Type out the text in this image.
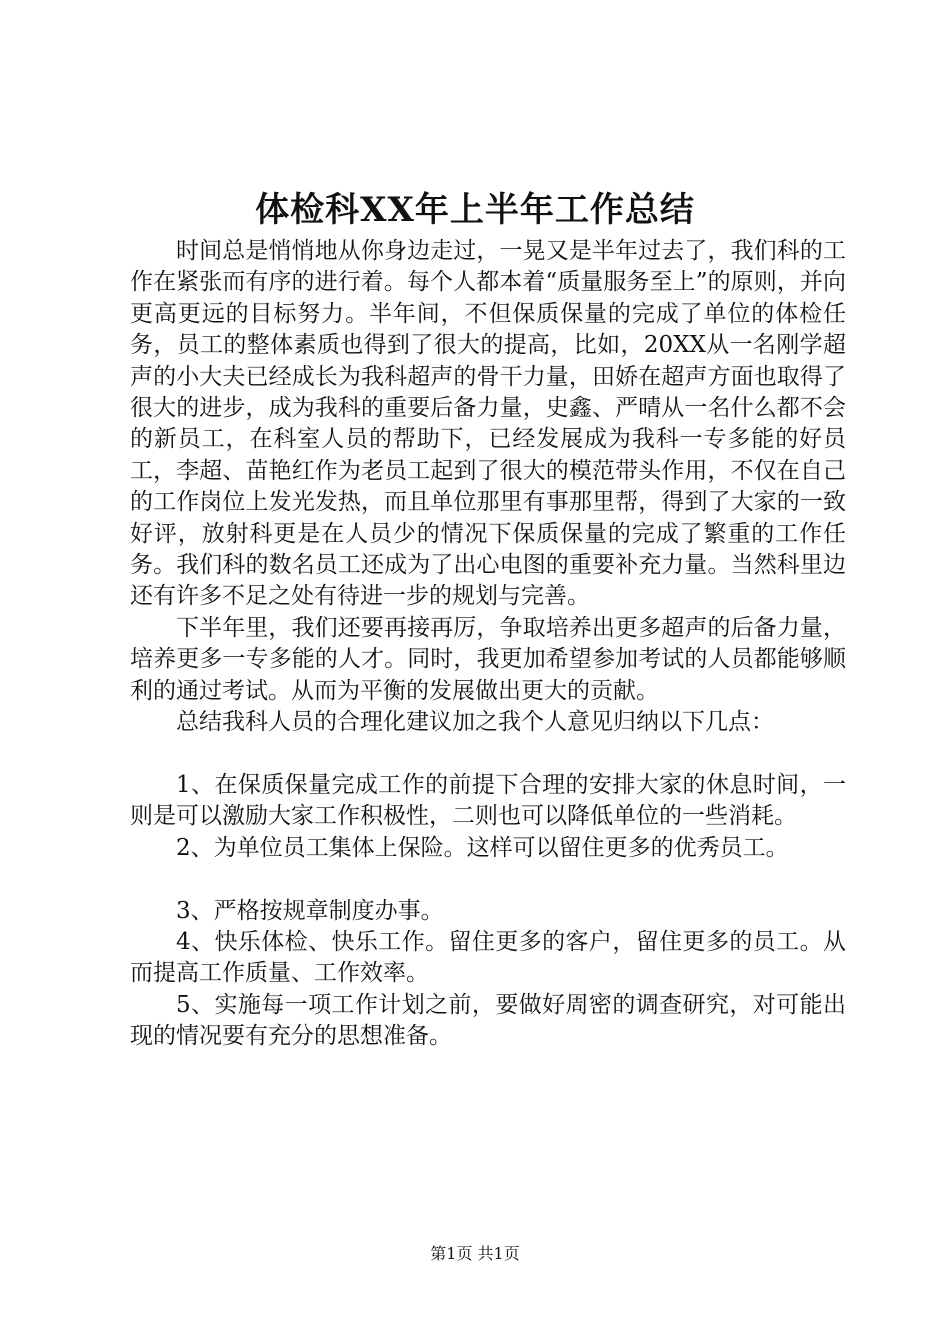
体检科XX年上半年工作总结

时间总是悄悄地从你身边走过，一晃又是半年过去了，我们科的工作在紧张而有序的进行着。每个人都本着“质量服务至上”的原则，并向更高更远的目标努力。半年间，不但保质保量的完成了单位的体检任务，员工的整体素质也得到了很大的提高，比如，20XX从一名刚学超声的小大夫已经成长为我科超声的骨干力量，田娇在超声方面也取得了很大的进步，成为我科的重要后备力量，史鑫、严晴从一名什么都不会的新员工，在科室人员的帮助下，已经发展成为我科一专多能的好员工，李超、苗艳红作为老员工起到了很大的模范带头作用，不仅在自己的工作岗位上发光发热，而且单位那里有事那里帮，得到了大家的一致好评，放射科更是在人员少的情况下保质保量的完成了繁重的工作任务。我们科的数名员工还成为了出心电图的重要补充力量。当然科里边还有许多不足之处有待进一步的规划与完善。

下半年里，我们还要再接再厉，争取培养出更多超声的后备力量，培养更多一专多能的人才。同时，我更加希望参加考试的人员都能够顺利的通过考试。从而为平衡的发展做出更大的贡献。

总结我科人员的合理化建议加之我个人意见归纳以下几点：

1、在保质保量完成工作的前提下合理的安排大家的休息时间，一则是可以激励大家工作积极性，二则也可以降低单位的一些消耗。

2、为单位员工集体上保险。这样可以留住更多的优秀员工。

3、严格按规章制度办事。

4、快乐体检、快乐工作。留住更多的客户，留住更多的员工。从而提高工作质量、工作效率。

5、实施每一项工作计划之前，要做好周密的调查研究，对可能出现的情况要有充分的思想准备。

第1页 共1页
